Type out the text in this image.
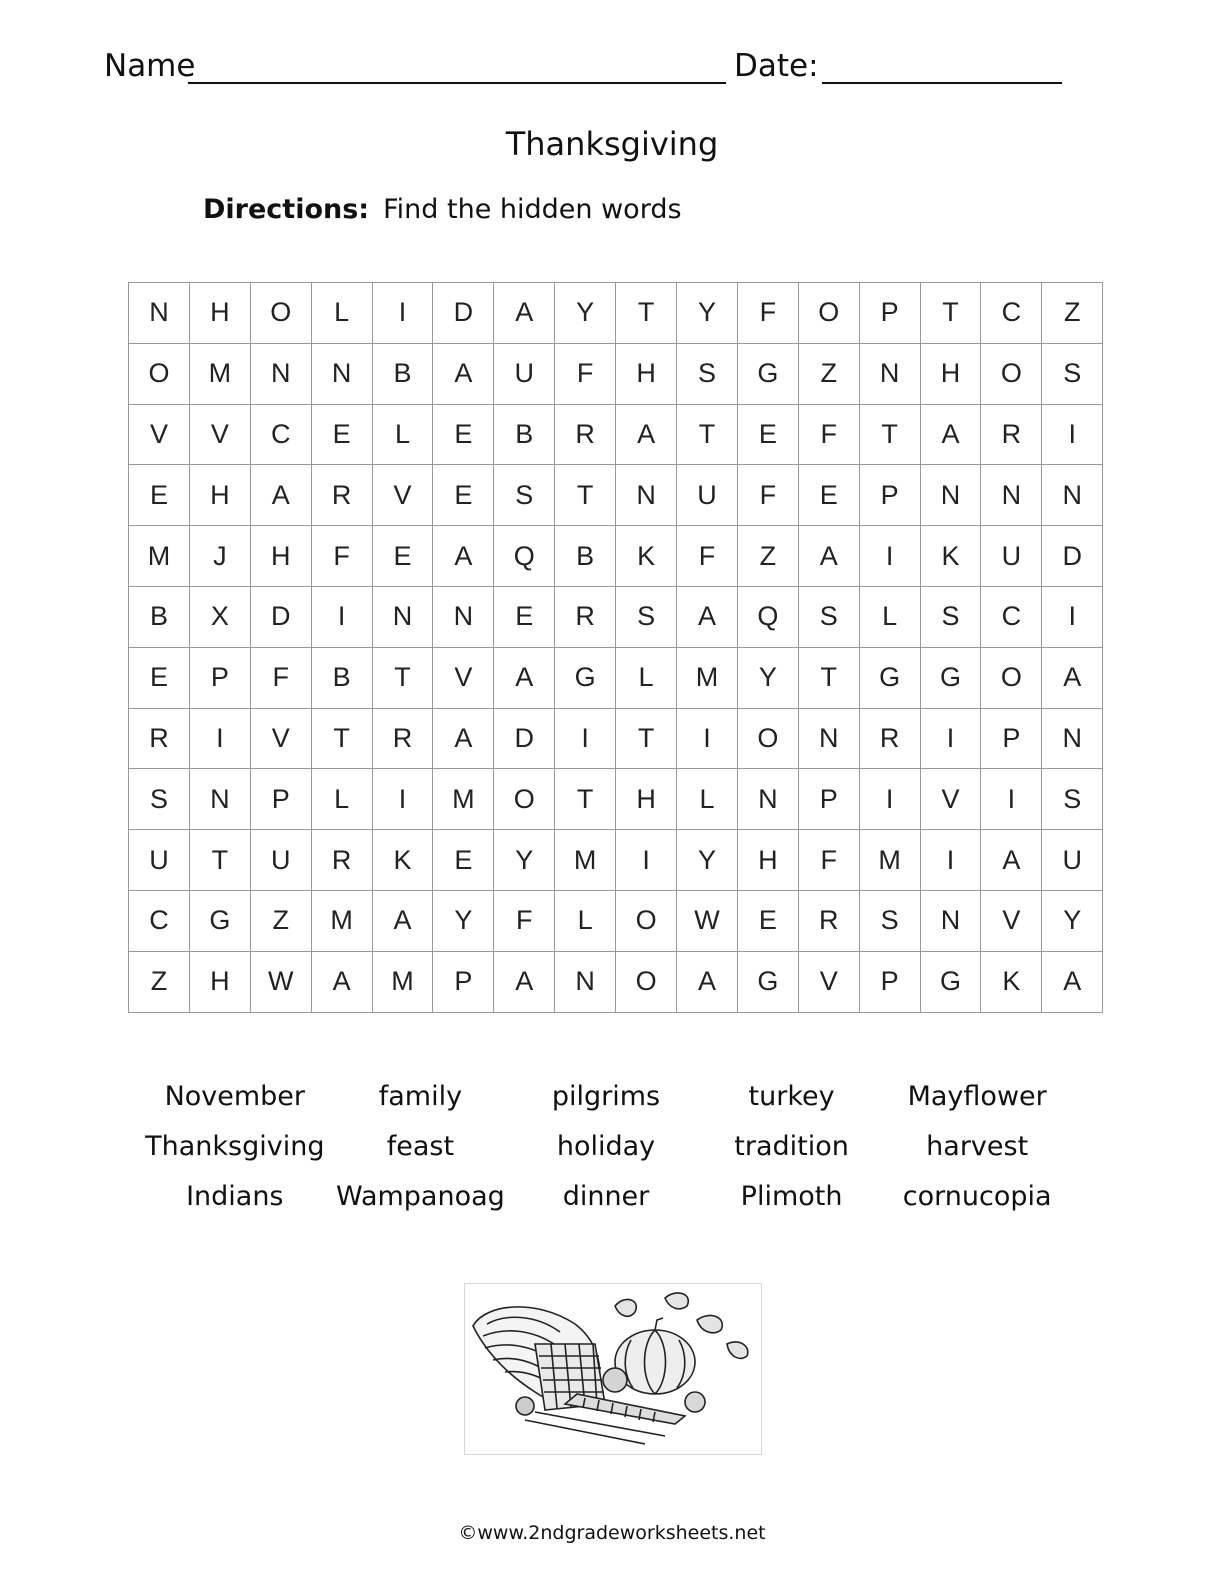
Name	Date:
Thanksgiving
Directions: Find the hidden words
N	H	O	L	I	D	A	Y	T	Y	F	O	P	T	C	Z
O	M	N	N	B	A	U	F	H	S	G	Z	N	H	O	S
V	V	C	E	L	E	B	R	A	T	E	F	T	A	R	I
E	H	A	R	V	E	S	T	N	U	F	E	P	N	N	N
M	J	H	F	E	A	Q	B	K	F	Z	A	I	K	U	D
B	X	D	I	N	N	E	R	S	A	Q	S	L	S	C	I
E	P	F	B	T	V	A	G	L	M	Y	T	G	G	O	A
R	I	V	T	R	A	D	I	T	I	O	N	R	I	P	N
S	N	P	L	I	M	O	T	H	L	N	P	I	V	I	S
U	T	U	R	K	E	Y	M	I	Y	H	F	M	I	A	U
C	G	Z	M	A	Y	F	L	O	W	E	R	S	N	V	Y
Z	H	W	A	M	P	A	N	O	A	G	V	P	G	K	A
November	family	pilgrims	turkey	Mayflower
Thanksgiving	feast	holiday	tradition	harvest
Indians	Wampanoag	dinner	Plimoth	cornucopia
©www.2ndgradeworksheets.net
